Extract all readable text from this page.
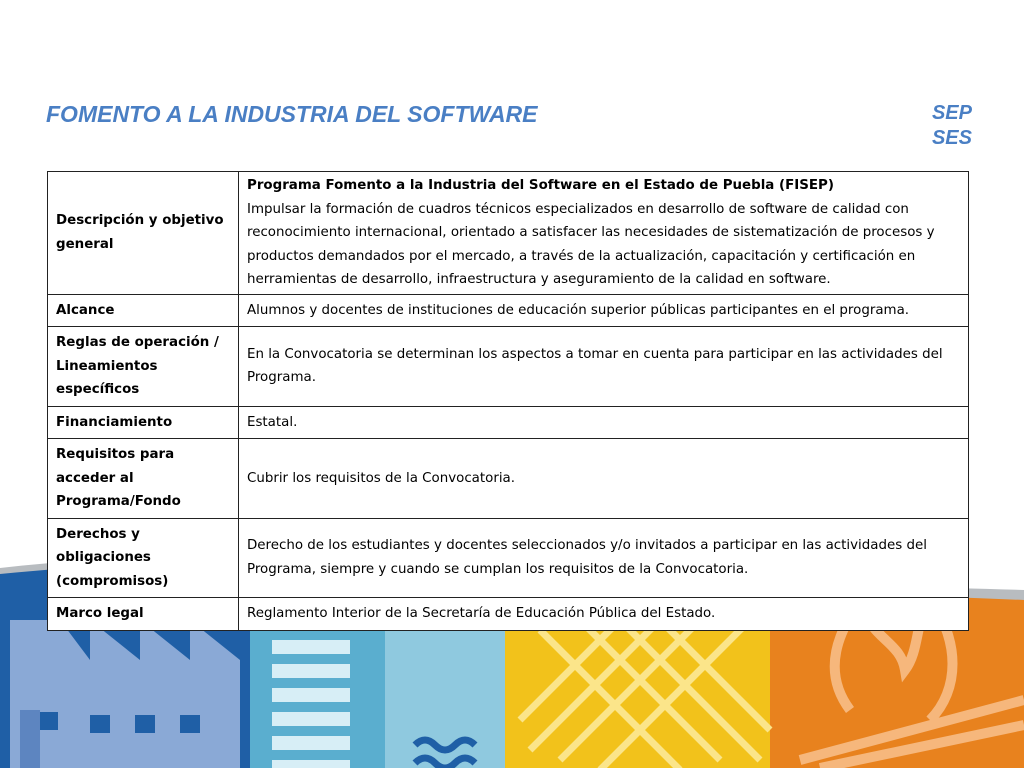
FOMENTO A LA INDUSTRIA DEL SOFTWARE	SEP
SES
Descripción y objetivo general	Programa Fomento a la Industria del Software en el Estado de Puebla (FISEP)
Impulsar la formación de cuadros técnicos especializados en desarrollo de software de calidad con reconocimiento internacional, orientado a satisfacer las necesidades de sistematización de procesos y productos demandados por el mercado, a través de la actualización, capacitación y certificación en herramientas de desarrollo, infraestructura y aseguramiento de la calidad en software.

Alcance	Alumnos y docentes de instituciones de educación superior públicas participantes en el programa.
Reglas de operación / Lineamientos específicos	En la Convocatoria se determinan los aspectos a tomar en cuenta para participar en las actividades del Programa.
Financiamiento	Estatal.
Requisitos para acceder al Programa/Fondo	Cubrir los requisitos de la Convocatoria.
Derechos y obligaciones (compromisos)	Derecho de los estudiantes y docentes seleccionados y/o invitados a participar en las actividades del Programa, siempre y cuando se cumplan los requisitos de la Convocatoria.
Marco legal	Reglamento Interior de la Secretaría de Educación Pública del Estado.
